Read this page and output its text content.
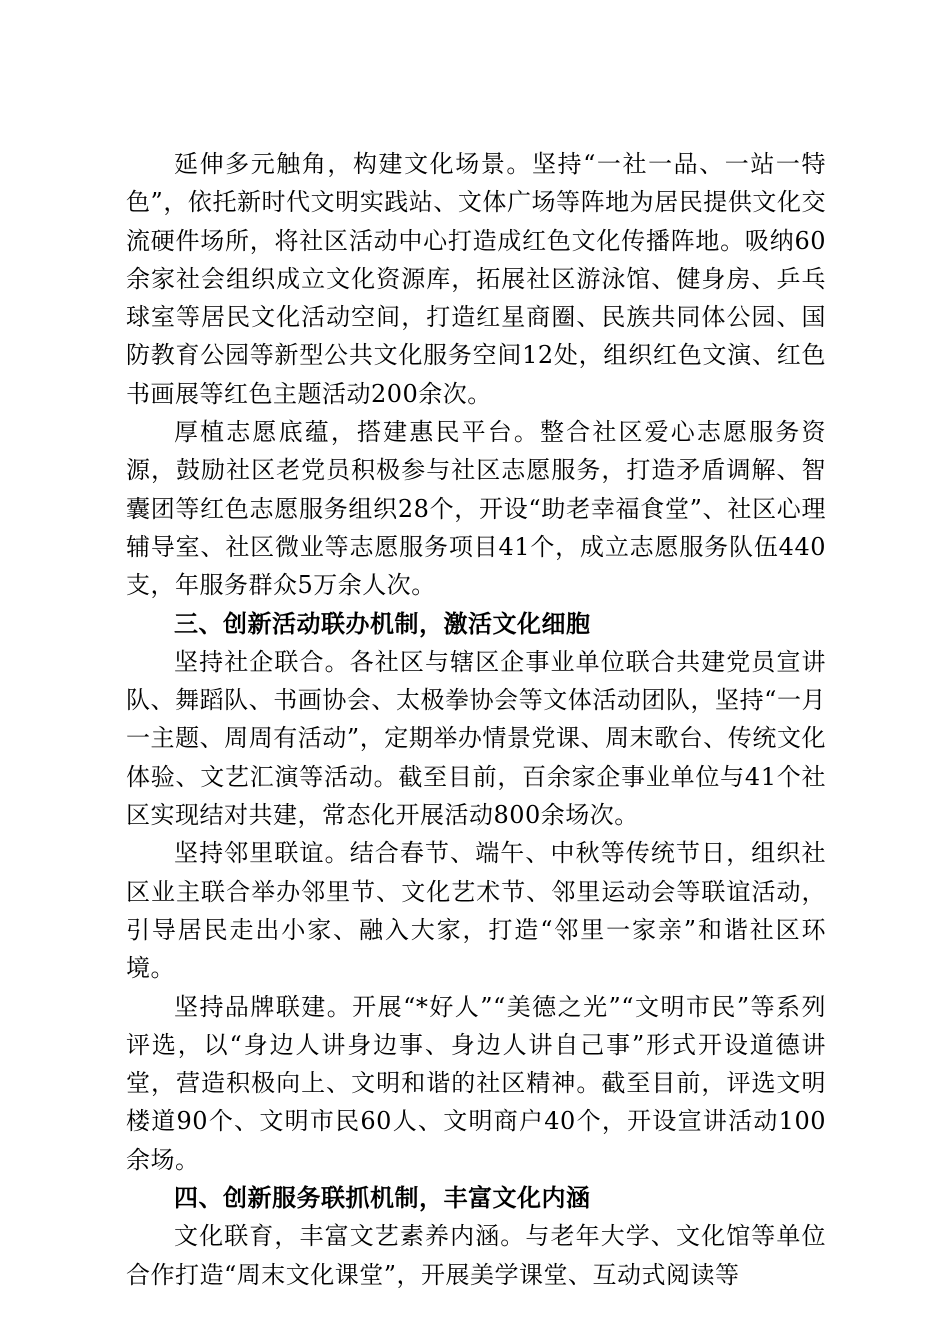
延伸多元触角，构建文化场景。坚持“一社一品、一站一特色”，依托新时代文明实践站、文体广场等阵地为居民提供文化交流硬件场所，将社区活动中心打造成红色文化传播阵地。吸纳60余家社会组织成立文化资源库，拓展社区游泳馆、健身房、乒乓球室等居民文化活动空间，打造红星商圈、民族共同体公园、国防教育公园等新型公共文化服务空间12处，组织红色文演、红色书画展等红色主题活动200余次。

厚植志愿底蕴，搭建惠民平台。整合社区爱心志愿服务资源，鼓励社区老党员积极参与社区志愿服务，打造矛盾调解、智囊团等红色志愿服务组织28个，开设“助老幸福食堂”、社区心理辅导室、社区微业等志愿服务项目41个，成立志愿服务队伍440支，年服务群众5万余人次。

三、创新活动联办机制，激活文化细胞

坚持社企联合。各社区与辖区企事业单位联合共建党员宣讲队、舞蹈队、书画协会、太极拳协会等文体活动团队，坚持“一月一主题、周周有活动”，定期举办情景党课、周末歌台、传统文化体验、文艺汇演等活动。截至目前，百余家企事业单位与41个社区实现结对共建，常态化开展活动800余场次。

坚持邻里联谊。结合春节、端午、中秋等传统节日，组织社区业主联合举办邻里节、文化艺术节、邻里运动会等联谊活动，引导居民走出小家、融入大家，打造“邻里一家亲”和谐社区环境。

坚持品牌联建。开展“*好人”“美德之光”“文明市民”等系列评选，以“身边人讲身边事、身边人讲自己事”形式开设道德讲堂，营造积极向上、文明和谐的社区精神。截至目前，评选文明楼道90个、文明市民60人、文明商户40个，开设宣讲活动100余场。

四、创新服务联抓机制，丰富文化内涵

文化联育，丰富文艺素养内涵。与老年大学、文化馆等单位合作打造“周末文化课堂”，开展美学课堂、互动式阅读等
